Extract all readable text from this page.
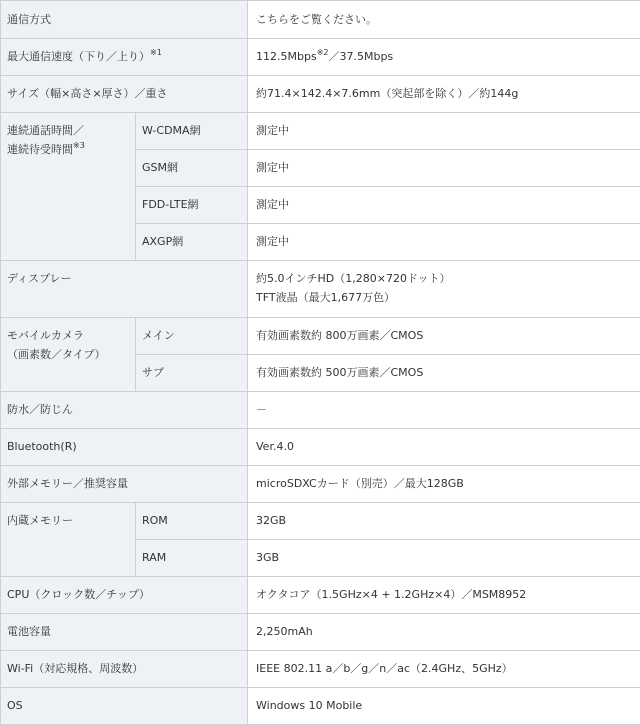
通信方式		こちらをご覧ください。
最大通信速度（下り／上り）$^{※1}$		112.5Mbps$^{※2}$／37.5Mbps
サイズ（幅×高さ×厚さ）／重さ		約71.4×142.4×7.6mm（突起部を除く）／約144g

連続通話時間／
連続待受時間$^{※3}$	W-CDMA網	測定中
	GSM網	測定中
	FDD-LTE網	測定中
	AXGP網	測定中
ディスプレー		約5.0インチHD（1,280×720ドット）
TFT液晶（最大1,677万色）

モバイルカメラ
（画素数／タイプ）	メイン	有効画素数約 800万画素／CMOS
	サブ	有効画素数約 500万画素／CMOS
防水／防じん		－
Bluetooth(R)		Ver.4.0
外部メモリー／推奨容量		microSDXCカード（別売）／最大128GB
内蔵メモリー	ROM	32GB
	RAM	3GB
CPU（クロック数／チップ）		オクタコア（1.5GHz×4 + 1.2GHz×4）／MSM8952
電池容量		2,250mAh
Wi-Fi（対応規格、周波数）		IEEE 802.11 a／b／g／n／ac（2.4GHz、5GHz）
OS		Windows 10 Mobile
